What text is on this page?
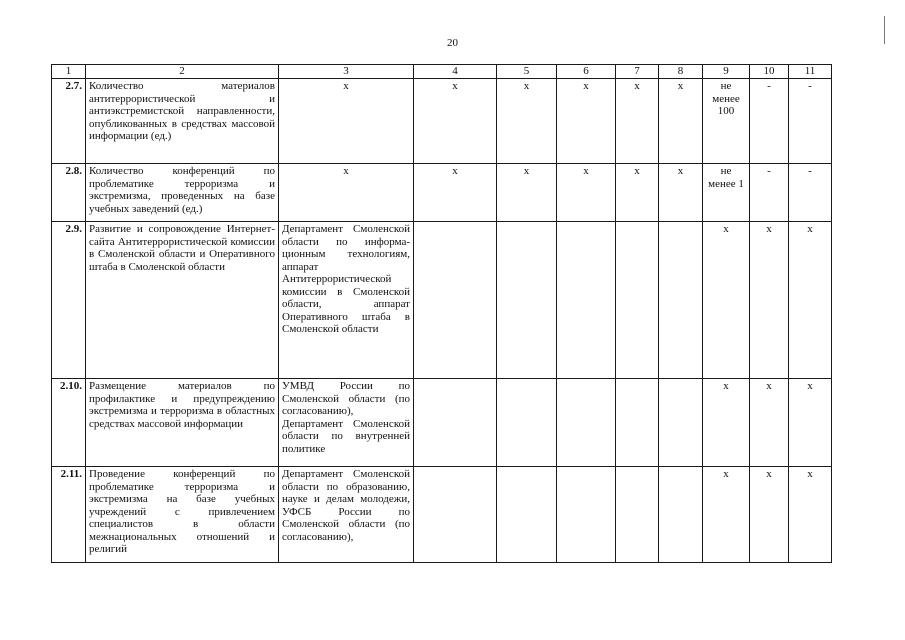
20
1	2	3	4	5	6	7	8	9	10	11
2.7.	Количество материалов антитеррористической и антиэкстремистской направленности, опубликованных в средствах массовой информации (ед.)	х	х	х	х	х	х	не менее 100	-	-
2.8.	Количество конференций по проблематике терроризма и экстремизма, проведенных на базе учебных заведений (ед.)	х	х	х	х	х	х	не менее 1	-	-
2.9.	Развитие и сопровождение Интернет-сайта Антитеррористической комиссии в Смоленской области и Оперативного штаба в Смоленской области	Департамент Смоленской области по информа-ционным технологиям, аппарат Антитеррористической комиссии в Смоленской области, аппарат Оперативного штаба в Смоленской области						х	х	х
2.10.	Размещение материалов по профилактике и предупреждению экстремизма и терроризма в областных средствах массовой информации	УМВД России по Смоленской области (по согласованию), Департамент Смоленской области по внутренней политике						х	х	х
2.11.	Проведение конференций по проблематике терроризма и экстремизма на базе учебных учреждений с привлечением специалистов в области межнациональных отношений и религий	Департамент Смоленской области по образованию, науке и делам молодежи, УФСБ России по Смоленской области (по согласованию),						х	х	х
